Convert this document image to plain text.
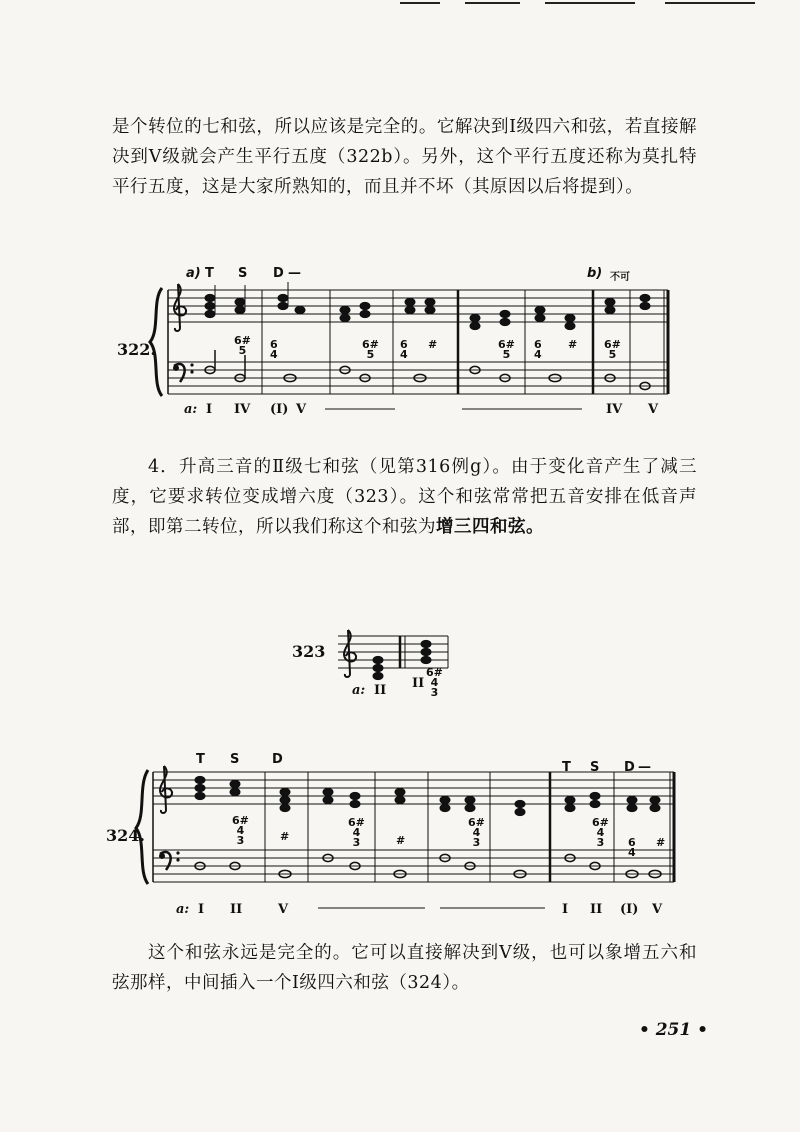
是个转位的七和弦，所以应该是完全的。它解决到Ⅰ级四六和弦，若直接解决到Ⅴ级就会产生平行五度（322b）。另外，这个平行五度还称为莫扎特平行五度，这是大家所熟知的，而且并不坏（其原因以后将提到）。

4．升高三音的Ⅱ级七和弦（见第316例g）。由于变化音产生了减三度，它要求转位变成增六度（323）。这个和弦常常把五音安排在低音声部，即第二转位，所以我们称这个和弦为增三四和弦。

这个和弦永远是完全的。它可以直接解决到Ⅴ级，也可以象增五六和弦那样，中间插入一个Ⅰ级四六和弦（324）。

• 251 •
322.
a) T S D —	b) 不可
6#
5	6
4
6#
5
6
4
#	6#
5
6
4
# 6#
5
a: I IV (I) V	IV V
323
a: II II
6#
4
3
324.
T S	D
T S D —
6#
4
3	#
6#
4
3	#
6#
4
3
6#
4
3	6
4
#
a: I II	V	I II (I) V
